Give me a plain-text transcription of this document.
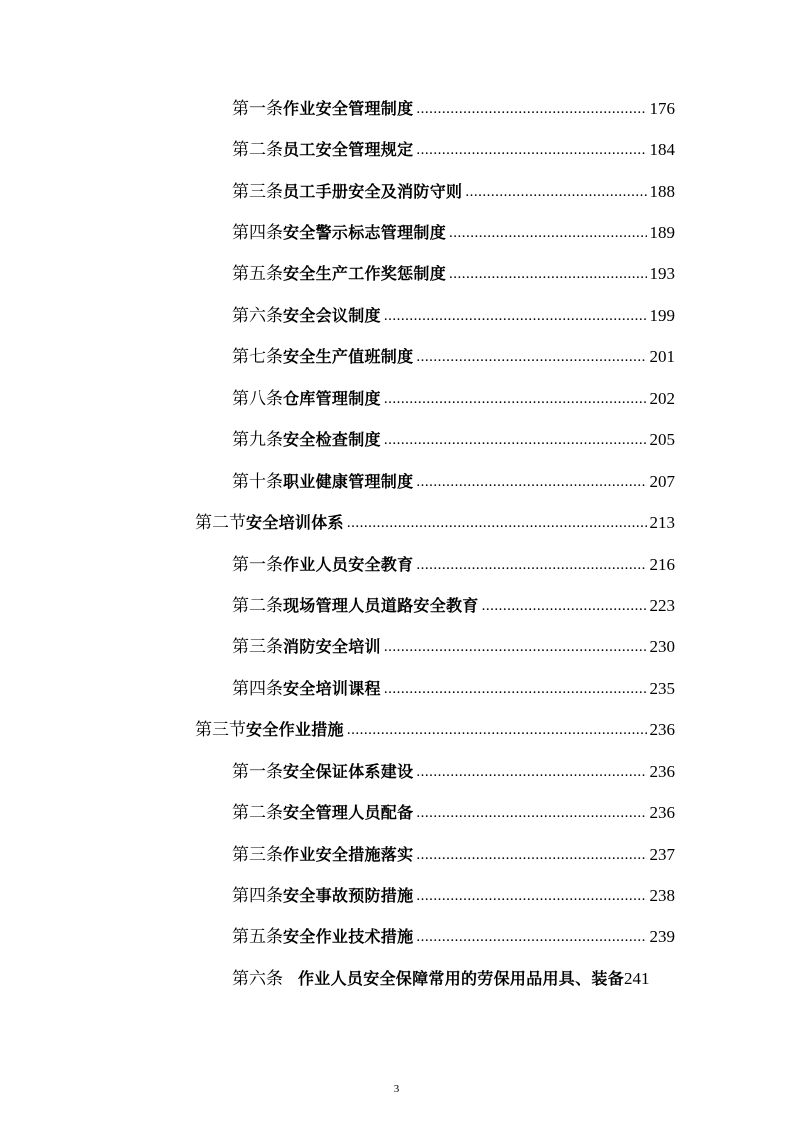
第一条 作业安全管理制度 .....	176
第二条 员工安全管理规定 .....	184
第三条 员工手册安全及消防守则 .....	188
第四条 安全警示标志管理制度 .....	189
第五条 安全生产工作奖惩制度 .....	193
第六条 安全会议制度 .....	199
第七条 安全生产值班制度 .....	201
第八条 仓库管理制度 .....	202
第九条 安全检查制度 .....	205
第十条 职业健康管理制度 .....	207
第二节 安全培训体系 .....	213
第一条 作业人员安全教育 .....	216
第二条 现场管理人员道路安全教育 .....	223
第三条 消防安全培训 .....	230
第四条 安全培训课程 .....	235
第三节 安全作业措施 .....	236
第一条 安全保证体系建设 .....	236
第二条 安全管理人员配备 .....	236
第三条 作业安全措施落实 .....	237
第四条 安全事故预防措施 .....	238
第五条 安全作业技术措施 .....	239
第六条 作业人员安全保障常用的劳保用品用具、装备 241
3
